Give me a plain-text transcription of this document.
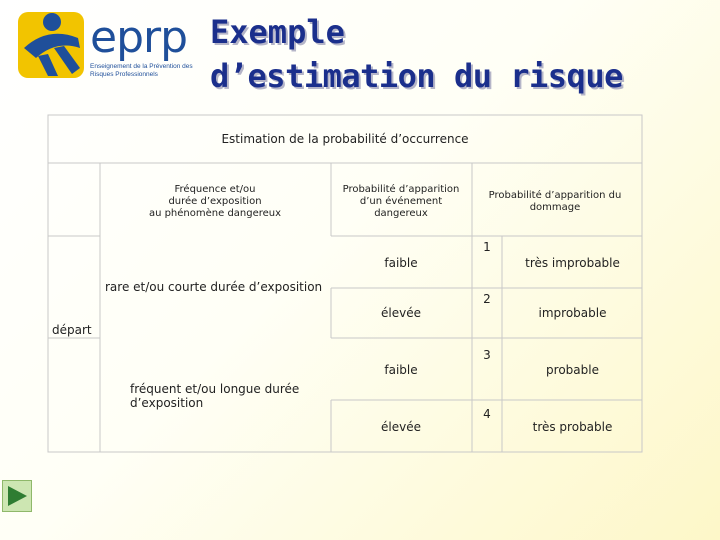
eprp
Enseignement de la Prévention des Risques Professionnels
Exemple
d’estimation du risque
Estimation de la probabilité d’occurrence
Fréquence et/ou
durée d’exposition
au phénomène dangereux
Probabilité d’apparition
d’un événement
dangereux
Probabilité d’apparition du
dommage
départ
rare et/ou courte durée d’exposition
fréquent et/ou longue durée
d’exposition
faible
élevée
faible
élevée
1
2
3
4
très improbable
improbable
probable
très probable
